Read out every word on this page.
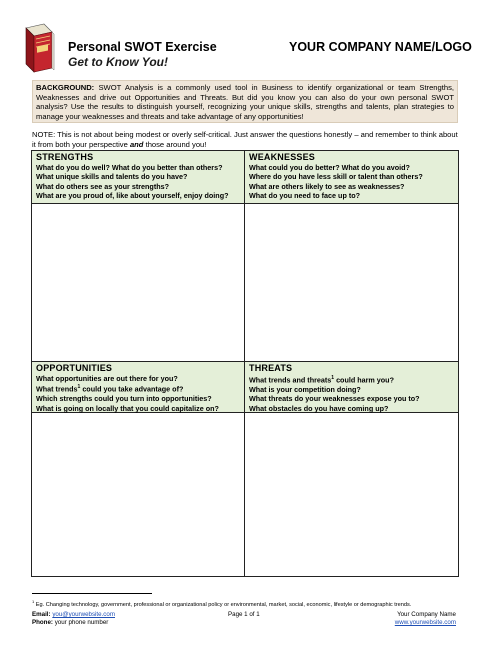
Personal SWOT Exercise
Get to Know You!
YOUR COMPANY NAME/LOGO
BACKGROUND: SWOT Analysis is a commonly used tool in Business to identify organizational or team Strengths, Weaknesses and drive out Opportunities and Threats. But did you know you can also do your own personal SWOT analysis? Use the results to distinguish yourself, recognizing your unique skills, strengths and talents, plan strategies to manage your weaknesses and threats and take advantage of any opportunities!
NOTE: This is not about being modest or overly self-critical. Just answer the questions honestly – and remember to think about it from both your perspective and those around you!
STRENGTHS
What do you do well? What do you better than others?
What unique skills and talents do you have?
What do others see as your strengths?
What are you proud of, like about yourself, enjoy doing?
WEAKNESSES
What could you do better? What do you avoid?
Where do you have less skill or talent than others?
What are others likely to see as weaknesses?
What do you need to face up to?
OPPORTUNITIES
What opportunities are out there for you?
What trends$^1$ could you take advantage of?
Which strengths could you turn into opportunities?
What is going on locally that you could capitalize on?
THREATS
What trends and threats$^1$ could harm you?
What is your competition doing?
What threats do your weaknesses expose you to?
What obstacles do you have coming up?
$^1$ Eg. Changing technology, government, professional or organizational policy or environmental, market, social, economic, lifestyle or demographic trends.
Email: you@yourwebsite.com
Phone: your phone number
Page 1 of 1	Your Company Name
www.yourwebsite.com
